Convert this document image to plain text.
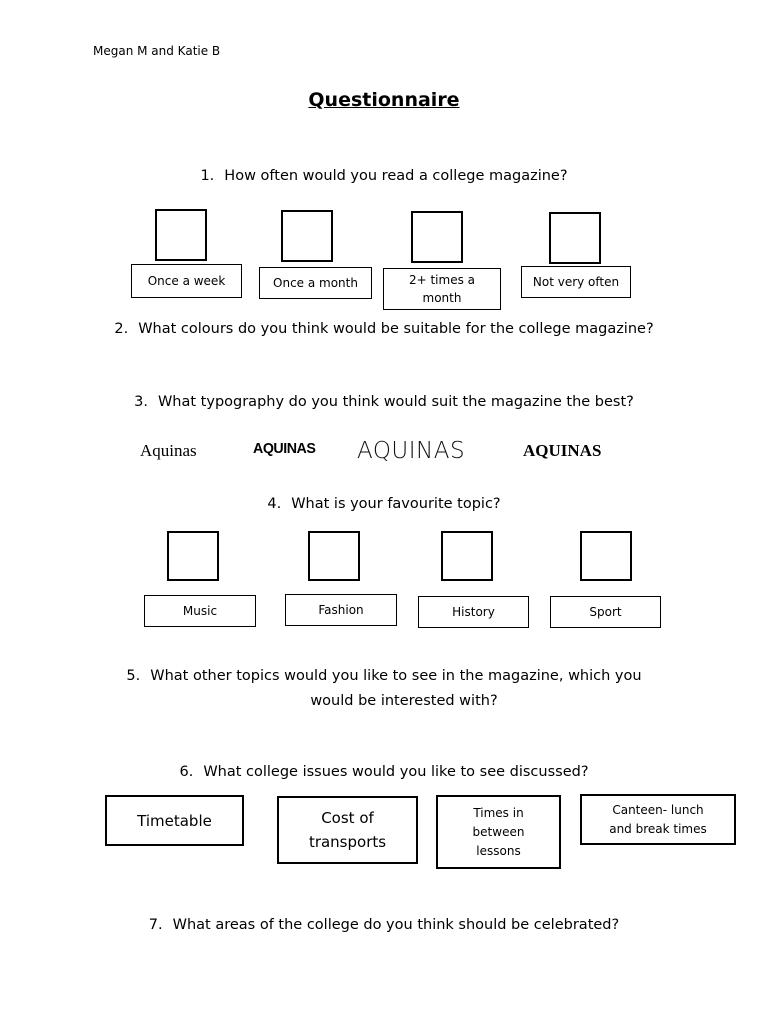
Megan M and Katie B
Questionnaire
1. How often would you read a college magazine?
Once a week	Once a month	2+ times a
month
Not very often
2. What colours do you think would be suitable for the college magazine?
3. What typography do you think would suit the magazine the best?
Aquinas	AQUINAS AQUINAS	AQUINAS
4. What is your favourite topic?
Music	Fashion	History	Sport
5. What other topics would you like to see in the magazine, which you
would be interested with?
6. What college issues would you like to see discussed?
Timetable	Cost of
transports
Times in
between
lessons
Canteen- lunch
and break times
7. What areas of the college do you think should be celebrated?
